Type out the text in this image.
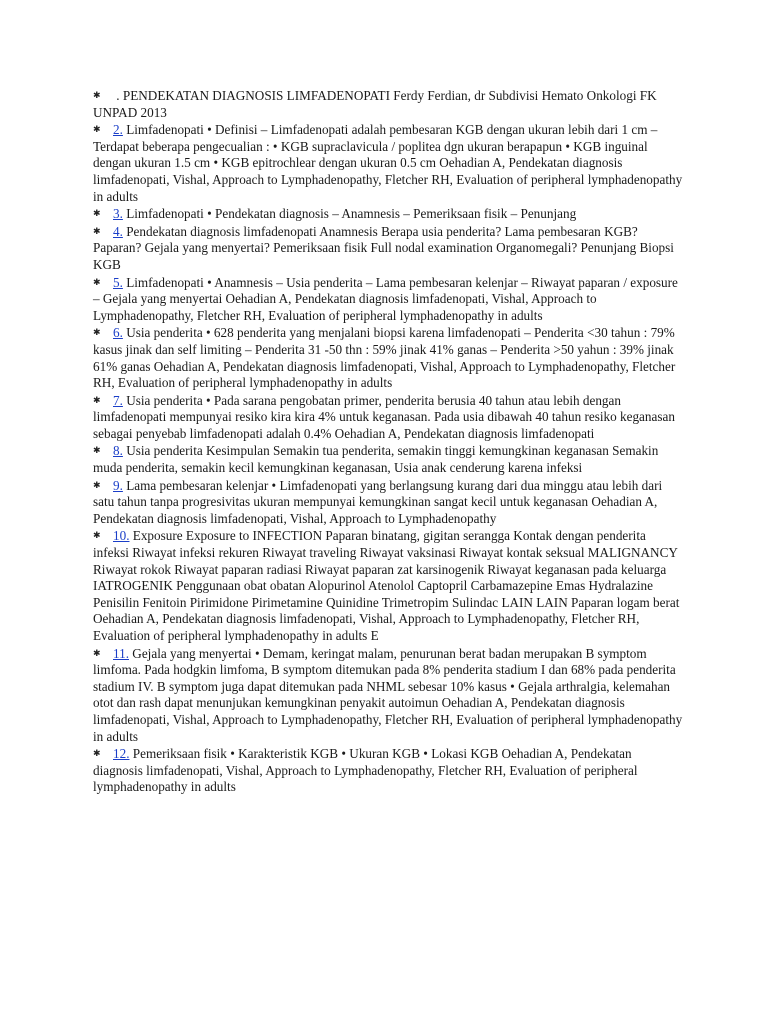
✱ . PENDEKATAN DIAGNOSIS LIMFADENOPATI Ferdy Ferdian, dr Subdivisi Hemato Onkologi FK UNPAD 2013

✱ 2. Limfadenopati • Definisi – Limfadenopati adalah pembesaran KGB dengan ukuran lebih dari 1 cm – Terdapat beberapa pengecualian : • KGB supraclavicula / poplitea dgn ukuran berapapun • KGB inguinal dengan ukuran 1.5 cm • KGB epitrochlear dengan ukuran 0.5 cm Oehadian A, Pendekatan diagnosis limfadenopati, Vishal, Approach to Lymphadenopathy, Fletcher RH, Evaluation of peripheral lymphadenopathy in adults

✱ 3. Limfadenopati • Pendekatan diagnosis – Anamnesis – Pemeriksaan fisik – Penunjang

✱ 4. Pendekatan diagnosis limfadenopati Anamnesis Berapa usia penderita? Lama pembesaran KGB? Paparan? Gejala yang menyertai? Pemeriksaan fisik Full nodal examination Organomegali? Penunjang Biopsi KGB

✱ 5. Limfadenopati • Anamnesis – Usia penderita – Lama pembesaran kelenjar – Riwayat paparan / exposure – Gejala yang menyertai Oehadian A, Pendekatan diagnosis limfadenopati, Vishal, Approach to Lymphadenopathy, Fletcher RH, Evaluation of peripheral lymphadenopathy in adults

✱ 6. Usia penderita • 628 penderita yang menjalani biopsi karena limfadenopati – Penderita <30 tahun : 79% kasus jinak dan self limiting – Penderita 31 -50 thn : 59% jinak 41% ganas – Penderita >50 yahun : 39% jinak 61% ganas Oehadian A, Pendekatan diagnosis limfadenopati, Vishal, Approach to Lymphadenopathy, Fletcher RH, Evaluation of peripheral lymphadenopathy in adults

✱ 7. Usia penderita • Pada sarana pengobatan primer, penderita berusia 40 tahun atau lebih dengan limfadenopati mempunyai resiko kira kira 4% untuk keganasan. Pada usia dibawah 40 tahun resiko keganasan sebagai penyebab limfadenopati adalah 0.4% Oehadian A, Pendekatan diagnosis limfadenopati

✱ 8. Usia penderita Kesimpulan Semakin tua penderita, semakin tinggi kemungkinan keganasan Semakin muda penderita, semakin kecil kemungkinan keganasan, Usia anak cenderung karena infeksi

✱ 9. Lama pembesaran kelenjar • Limfadenopati yang berlangsung kurang dari dua minggu atau lebih dari satu tahun tanpa progresivitas ukuran mempunyai kemungkinan sangat kecil untuk keganasan Oehadian A, Pendekatan diagnosis limfadenopati, Vishal, Approach to Lymphadenopathy

✱ 10. Exposure Exposure to INFECTION Paparan binatang, gigitan serangga Kontak dengan penderita infeksi Riwayat infeksi rekuren Riwayat traveling Riwayat vaksinasi Riwayat kontak seksual MALIGNANCY Riwayat rokok Riwayat paparan radiasi Riwayat paparan zat karsinogenik Riwayat keganasan pada keluarga IATROGENIK Penggunaan obat obatan Alopurinol Atenolol Captopril Carbamazepine Emas Hydralazine Penisilin Fenitoin Pirimidone Pirimetamine Quinidine Trimetropim Sulindac LAIN LAIN Paparan logam berat Oehadian A, Pendekatan diagnosis limfadenopati, Vishal, Approach to Lymphadenopathy, Fletcher RH, Evaluation of peripheral lymphadenopathy in adults E

✱ 11. Gejala yang menyertai • Demam, keringat malam, penurunan berat badan merupakan B symptom limfoma. Pada hodgkin limfoma, B symptom ditemukan pada 8% penderita stadium I dan 68% pada penderita stadium IV. B symptom juga dapat ditemukan pada NHML sebesar 10% kasus • Gejala arthralgia, kelemahan otot dan rash dapat menunjukan kemungkinan penyakit autoimun Oehadian A, Pendekatan diagnosis limfadenopati, Vishal, Approach to Lymphadenopathy, Fletcher RH, Evaluation of peripheral lymphadenopathy in adults

✱ 12. Pemeriksaan fisik • Karakteristik KGB • Ukuran KGB • Lokasi KGB Oehadian A, Pendekatan diagnosis limfadenopati, Vishal, Approach to Lymphadenopathy, Fletcher RH, Evaluation of peripheral lymphadenopathy in adults
